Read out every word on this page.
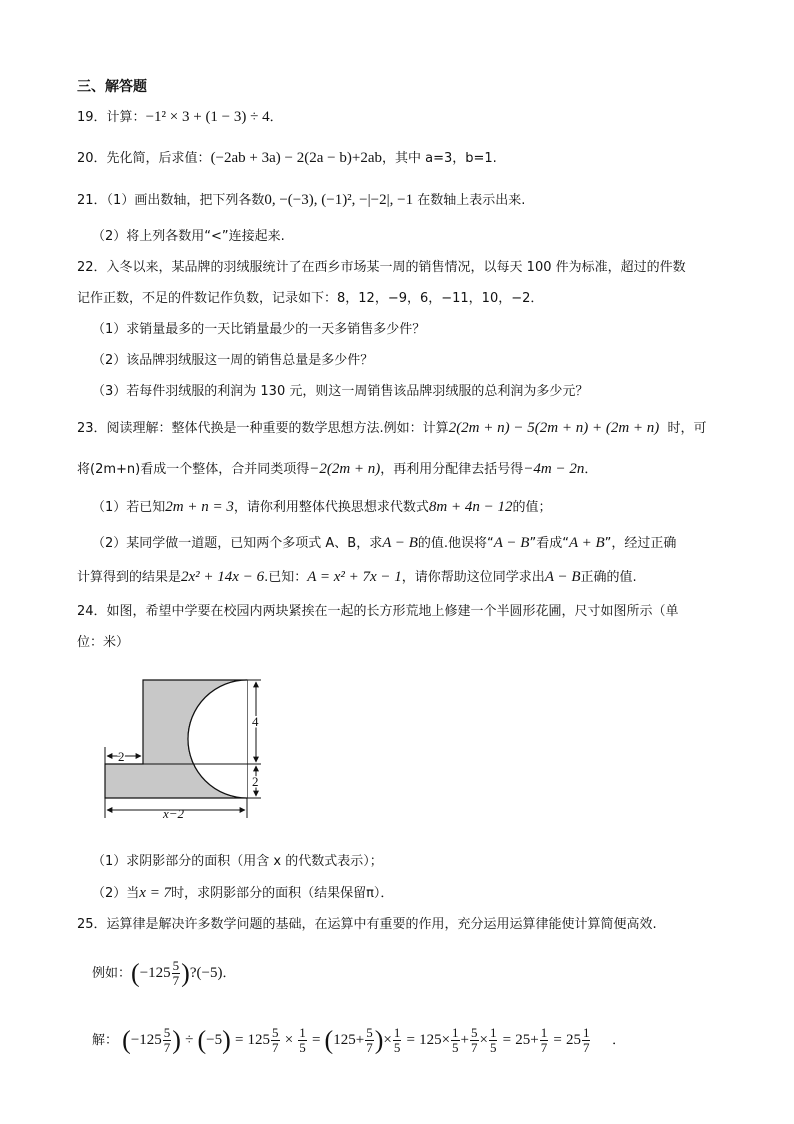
三、解答题
19．计算：−1² × 3 + (1 − 3) ÷ 4．
20．先化简，后求值：(−2ab + 3a) − 2(2a − b)+2ab，其中 a=3，b=1.
21．（1）画出数轴，把下列各数0, −(−3), (−1)², −|−2|, −1 在数轴上表示出来.
（2）将上列各数用“<”连接起来.
22．入冬以来，某品牌的羽绒服统计了在西乡市场某一周的销售情况，以每天 100 件为标准，超过的件数
记作正数，不足的件数记作负数，记录如下：8，12，−9，6，−11，10，−2．
（1）求销量最多的一天比销量最少的一天多销售多少件？
（2）该品牌羽绒服这一周的销售总量是多少件？
（3）若每件羽绒服的利润为 130 元，则这一周销售该品牌羽绒服的总利润为多少元？
23．阅读理解：整体代换是一种重要的数学思想方法.例如：计算2(2m + n) − 5(2m + n) + (2m + n) 时，可
将(2m+n)看成一个整体，合并同类项得−2(2m + n)，再利用分配律去括号得−4m − 2n．
（1）若已知2m + n = 3，请你利用整体代换思想求代数式8m + 4n − 12的值；
（2）某同学做一道题，已知两个多项式 A、B，求A − B的值.他误将“A − B”看成“A + B”，经过正确
计算得到的结果是2x² + 14x − 6.已知：A = x² + 7x − 1，请你帮助这位同学求出A − B正确的值.
24．如图，希望中学要在校园内两块紧挨在一起的长方形荒地上修建一个半圆形花圃，尺寸如图所示（单
位：米）
4
2
2
x−2
（1）求阴影部分的面积（用含 x 的代数式表示）；
（2）当x = 7时，求阴影部分的面积（结果保留π）．
25．运算律是解决许多数学问题的基础，在运算中有重要的作用，充分运用运算律能使计算简便高效.
例如：($-125 \frac{5}{7}$ )?(−5)．
解： ($-125 \frac{5}{7}$ ) ÷ $(-5) = 125 \frac{5}{7} \times \frac{1}{5} = (125+ \frac{5}{7}$ )× $\frac{1}{5} = 125\times \frac{1}{5} + \frac{5}{7} \times \frac{1}{5} = 25+ \frac{1}{7} = 25 \frac{1}{7}$ ．
